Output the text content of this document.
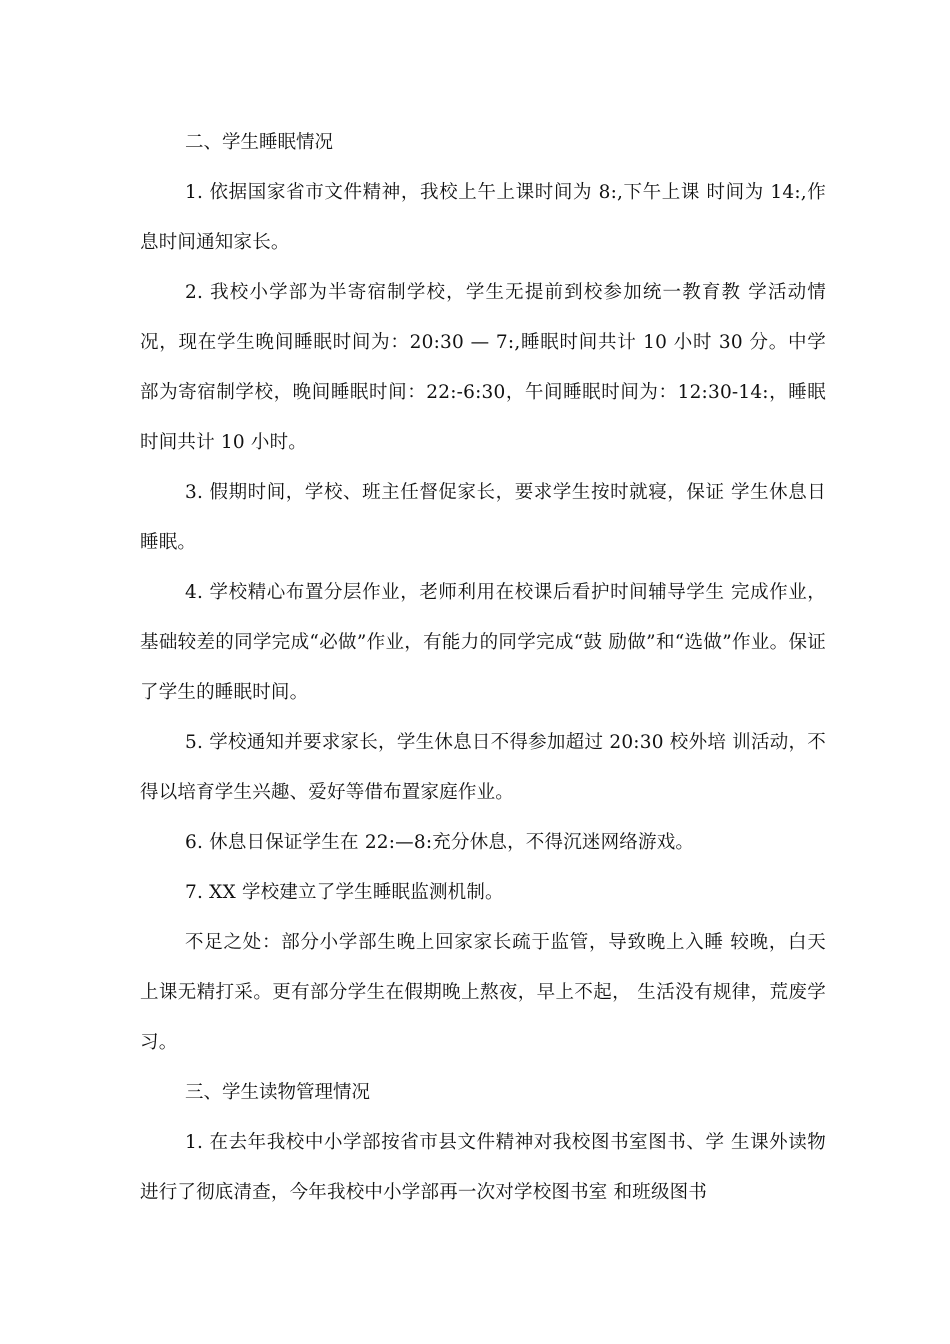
二、学生睡眠情况

1. 依据国家省市文件精神，我校上午上课时间为 8:,下午上课 时间为 14:,作息时间通知家长。

2. 我校小学部为半寄宿制学校，学生无提前到校参加统一教育教 学活动情况，现在学生晚间睡眠时间为：20:30 — 7:,睡眠时间共计 10 小时 30 分。中学部为寄宿制学校，晚间睡眠时间：22:-6:30，午间睡眠时间为：12:30-14:，睡眠时间共计 10 小时。

3. 假期时间，学校、班主任督促家长，要求学生按时就寝，保证 学生休息日睡眠。

4. 学校精心布置分层作业，老师利用在校课后看护时间辅导学生 完成作业，基础较差的同学完成“必做”作业，有能力的同学完成“鼓 励做”和“选做”作业。保证了学生的睡眠时间。

5. 学校通知并要求家长，学生休息日不得参加超过 20:30 校外培 训活动，不得以培育学生兴趣、爱好等借布置家庭作业。

6. 休息日保证学生在 22:—8:充分休息，不得沉迷网络游戏。

7. XX 学校建立了学生睡眠监测机制。

不足之处：部分小学部生晚上回家家长疏于监管，导致晚上入睡 较晚，白天上课无精打采。更有部分学生在假期晚上熬夜，早上不起， 生活没有规律，荒废学习。

三、学生读物管理情况

1. 在去年我校中小学部按省市县文件精神对我校图书室图书、学 生课外读物进行了彻底清查，今年我校中小学部再一次对学校图书室 和班级图书
